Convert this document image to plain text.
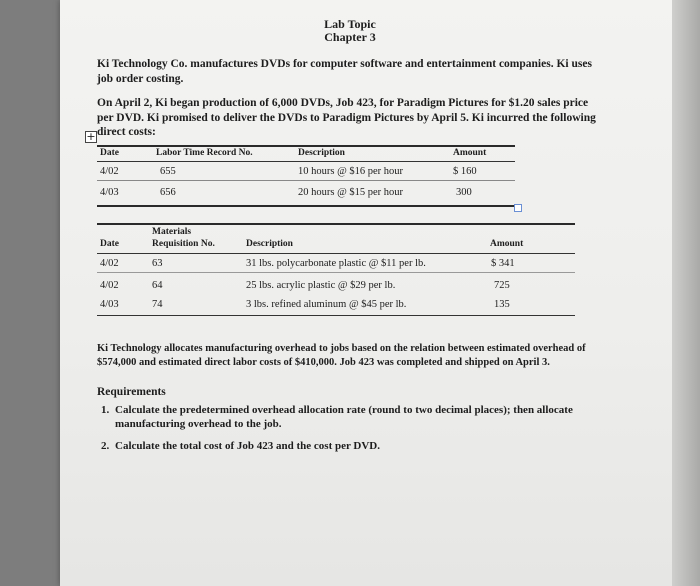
Lab Topic
Chapter 3
Ki Technology Co. manufactures DVDs for computer software and entertainment companies. Ki uses job order costing.
On April 2, Ki began production of 6,000 DVDs, Job 423, for Paradigm Pictures for $1.20 sales price per DVD. Ki promised to deliver the DVDs to Paradigm Pictures by April 5. Ki incurred the following direct costs:
+
Date	Labor Time Record No.	Description	Amount
4/02	655	10 hours @ $16 per hour	$ 160
4/03	656	20 hours @ $15 per hour	300
Materials
Date	Requisition No.	Description	Amount
4/02	63	31 lbs. polycarbonate plastic @ $11 per lb.	$ 341
4/02	64	25 lbs. acrylic plastic @ $29 per lb.	725
4/03	74	3 lbs. refined aluminum @ $45 per lb.	135
Ki Technology allocates manufacturing overhead to jobs based on the relation between estimated overhead of $574,000 and estimated direct labor costs of $410,000. Job 423 was completed and shipped on April 3.
Requirements
1. Calculate the predetermined overhead allocation rate (round to two decimal places); then allocate manufacturing overhead to the job.
2. Calculate the total cost of Job 423 and the cost per DVD.
